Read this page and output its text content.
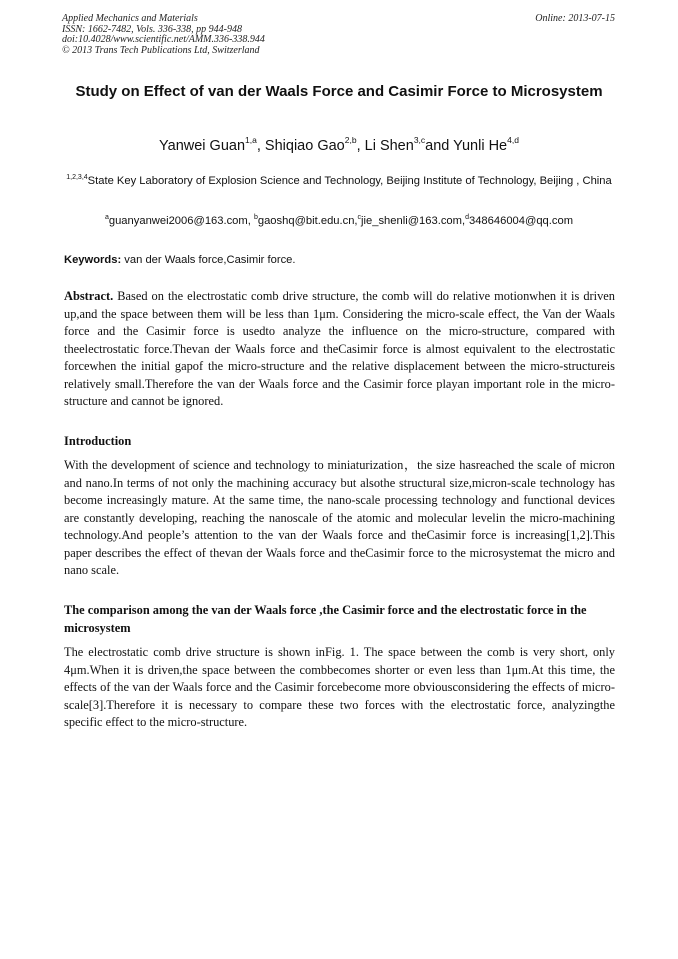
Applied Mechanics and Materials
ISSN: 1662-7482, Vols. 336-338, pp 944-948
doi:10.4028/www.scientific.net/AMM.336-338.944
© 2013 Trans Tech Publications Ltd, Switzerland
Online: 2013-07-15
Study on Effect of van der Waals Force and Casimir Force to Microsystem
Yanwei Guan$^{1,a}$, Shiqiao Gao$^{2,b}$, Li Shen$^{3,c}$and Yunli He$^{4,d}$
$^{1,2,3,4}$State Key Laboratory of Explosion Science and Technology, Beijing Institute of Technology, Beijing , China
$^a$guanyanwei2006@163.com, $^b$gaoshq@bit.edu.cn,$^c$jie_shenli@163.com,$^d$348646004@qq.com
Keywords: van der Waals force,Casimir force.

Abstract. Based on the electrostatic comb drive structure, the comb will do relative motionwhen it is driven up,and the space between them will be less than 1μm. Considering the micro-scale effect, the Van der Waals force and the Casimir force is usedto analyze the influence on the micro-structure, compared with theelectrostatic force.Thevan der Waals force and theCasimir force is almost equivalent to the electrostatic forcewhen the initial gapof the micro-structure and the relative displacement between the micro-structureis relatively small.Therefore the van der Waals force and the Casimir force playan important role in the micro-structure and cannot be ignored.

Introduction

With the development of science and technology to miniaturization，the size hasreached the scale of micron and nano.In terms of not only the machining accuracy but alsothe structural size,micron-scale technology has become increasingly mature. At the same time, the nano-scale processing technology and functional devices are constantly developing, reaching the nanoscale of the atomic and molecular levelin the micro-machining technology.And people’s attention to the van der Waals force and theCasimir force is increasing[1,2].This paper describes the effect of thevan der Waals force and theCasimir force to the microsystemat the micro and nano scale.

The comparison among the van der Waals force ,the Casimir force and the electrostatic force in the microsystem

The electrostatic comb drive structure is shown inFig. 1. The space between the comb is very short, only 4μm.When it is driven,the space between the combbecomes shorter or even less than 1μm.At this time, the effects of the van der Waals force and the Casimir forcebecome more obviousconsidering the effects of micro-scale[3].Therefore it is necessary to compare these two forces with the electrostatic force, analyzingthe specific effect to the micro-structure.
